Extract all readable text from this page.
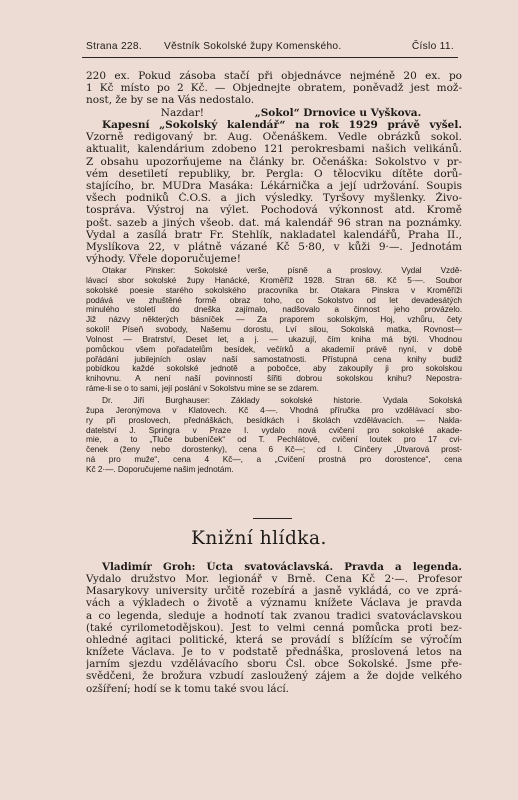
Strana 228. Věstník Sokolské župy Komenského.	Číslo 11.
220 ex. Pokud zásoba stačí při objednávce nejméně 20 ex. po
1 Kč místo po 2 Kč. — Objednejte obratem, poněvadž jest mož-
nost, že by se na Vás nedostalo.
Nazdar!	„Sokol“ Drnovice u Vyškova.
Kapesní „Sokolský kalendář“ na rok 1929 právě vyšel.
Vzorně redigovaný br. Aug. Očenáškem. Vedle obrázků sokol.
aktualit, kalendárium zdobeno 121 perokresbami našich velikánů.
Z obsahu upozorňujeme na články br. Očenáška: Sokolstvo v pr-
vém desetiletí republiky, br. Pergla: O tělocviku dítěte dorů-
stajícího, br. MUDra Masáka: Lékárnička a její udržování. Soupis
všech podniků Č.O.S. a jich výsledky. Tyršovy myšlenky. Živo-
tospráva. Výstroj na výlet. Pochodová výkonnost atd. Kromě
pošt. sazeb a jiných všeob. dat. má kalendář 96 stran na poznámky.
Vydal a zasílá bratr Fr. Stehlík, nakladatel kalendářů, Praha II.,
Myslíkova 22, v plátně vázané Kč 5·80, v kůži 9·—. Jednotám
výhody. Vřele doporučujeme!
Otakar Pinsker: Sokolské verše, písně a proslovy. Vydal Vzdě-
lávací sbor sokolské župy Hanácké, Kroměříž 1928. Stran 68. Kč 5·—. Soubor
sokolské poesie starého sokolského pracovníka br. Otakara Pinskra v Kroměříži
podává ve zhuštěné formě obraz toho, co Sokolstvo od let devadesátých
minulého století do dneška zajímalo, nadšovalo a činnost jeho provázelo.
Již názvy některých básníček — Za praporem sokolským, Hoj, vzhůru, čety
sokolí! Píseň svobody, Našemu dorostu, Lví silou, Sokolská matka, Rovnost—
Volnost — Bratrství, Deset let, a j. — ukazují, čím kniha má býti. Vhodnou
pomůckou všem pořadatelům besídek, večírků a akademií právě nyní, v době
pořádání jubilejních oslav naší samostatnosti. Přístupná cena knihy budiž
pobídkou každé sokolské jednotě a pobočce, aby zakoupily ji pro sokolskou
knihovnu. A není naší povinností šířiti dobrou sokolskou knihu? Nepostra-
ráme-li se o to sami, její poslání v Sokolstvu mine se se zdarem.
Dr. Jiří Burghauser: Základy sokolské historie. Vydala Sokolská
župa Jeronýmova v Klatovech. Kč 4·—. Vhodná příručka pro vzdělávací sbo-
ry při proslovech, přednáškách, besídkách i školách vzdělávacích. — Nakla-
datelství J. Springra v Praze I. vydalo nová cvičení pro sokolské akade-
mie, a to „Tluče bubeníček“ od T. Pechlátové, cvičení loutek pro 17 cvi-
čenek (ženy nebo dorostenky), cena 6 Kč—; cd I. Cinčery „Útvarová prost-
ná pro muže“, cena 4 Kč—, a „Cvičení prostná pro dorostence“, cena
Kč 2·—. Doporučujeme našim jednotám.
Knižní hlídka.
Vladimír Groh: Úcta svatováclavská. Pravda a legenda.
Vydalo družstvo Mor. legionář v Brně. Cena Kč 2·—. Profesor
Masarykovy university určitě rozebírá a jasně vykládá, co ve zprá-
vách a výkladech o životě a významu knížete Václava je pravda
a co legenda, sleduje a hodnotí tak zvanou tradici svatováclavskou
(také cyrilometodějskou). Jest to velmi cenná pomůcka proti bez-
ohledné agitaci politické, která se provádí s blížícím se výročím
knížete Václava. Je to v podstatě přednáška, proslovená letos na
jarním sjezdu vzdělávacího sboru Čsl. obce Sokolské. Jsme pře-
svědčeni, že brožura vzbudí zasloužený zájem a že dojde velkého
ozšíření; hodí se k tomu také svou lácí.
